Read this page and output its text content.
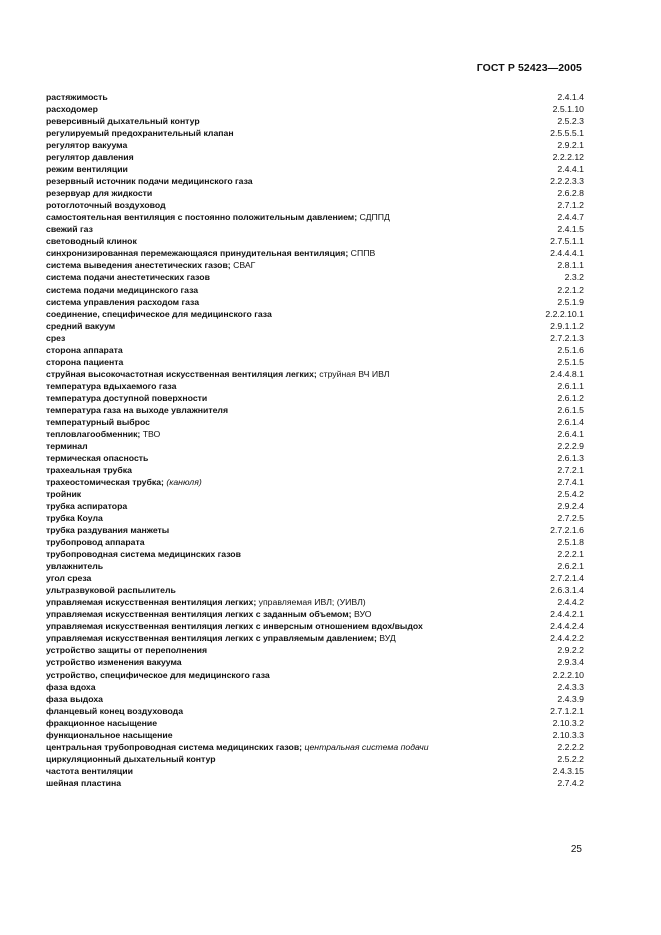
ГОСТ Р 52423—2005
растяжимость	2.4.1.4
расходомер	2.5.1.10
реверсивный дыхательный контур	2.5.2.3
регулируемый предохранительный клапан	2.5.5.5.1
регулятор вакуума	2.9.2.1
регулятор давления	2.2.2.12
режим вентиляции	2.4.4.1
резервный источник подачи медицинского газа	2.2.2.3.3
резервуар для жидкости	2.6.2.8
ротоглоточный воздуховод	2.7.1.2
самостоятельная вентиляция с постоянно положительным давлением; СДППД	2.4.4.7
свежий газ	2.4.1.5
световодный клинок	2.7.5.1.1
синхронизированная перемежающаяся принудительная вентиляция; СППВ	2.4.4.4.1
система выведения анестетических газов; СВАГ	2.8.1.1
система подачи анестетических газов	2.3.2
система подачи медицинского газа	2.2.1.2
система управления расходом газа	2.5.1.9
соединение, специфическое для медицинского газа	2.2.2.10.1
средний вакуум	2.9.1.1.2
срез	2.7.2.1.3
сторона аппарата	2.5.1.6
сторона пациента	2.5.1.5
струйная высокочастотная искусственная вентиляция легких; струйная ВЧ ИВЛ	2.4.4.8.1
температура вдыхаемого газа	2.6.1.1
температура доступной поверхности	2.6.1.2
температура газа на выходе увлажнителя	2.6.1.5
температурный выброс	2.6.1.4
тепловлагообменник; ТВО	2.6.4.1
терминал	2.2.2.9
термическая опасность	2.6.1.3
трахеальная трубка	2.7.2.1
трахеостомическая трубка; (канюля)	2.7.4.1
тройник	2.5.4.2
трубка аспиратора	2.9.2.4
трубка Коула	2.7.2.5
трубка раздувания манжеты	2.7.2.1.6
трубопровод аппарата	2.5.1.8
трубопроводная система медицинских газов	2.2.2.1
увлажнитель	2.6.2.1
угол среза	2.7.2.1.4
ультразвуковой распылитель	2.6.3.1.4
управляемая искусственная вентиляция легких; управляемая ИВЛ; (УИВЛ)	2.4.4.2
управляемая искусственная вентиляция легких с заданным объемом; ВУО	2.4.4.2.1
управляемая искусственная вентиляция легких с инверсным отношением вдох/выдох	2.4.4.2.4
управляемая искусственная вентиляция легких с управляемым давлением; ВУД	2.4.4.2.2
устройство защиты от переполнения	2.9.2.2
устройство изменения вакуума	2.9.3.4
устройство, специфическое для медицинского газа	2.2.2.10
фаза вдоха	2.4.3.3
фаза выдоха	2.4.3.9
фланцевый конец воздуховода	2.7.1.2.1
фракционное насыщение	2.10.3.2
функциональное насыщение	2.10.3.3
центральная трубопроводная система медицинских газов; центральная система подачи	2.2.2.2
циркуляционный дыхательный контур	2.5.2.2
частота вентиляции	2.4.3.15
шейная пластина	2.7.4.2
25
